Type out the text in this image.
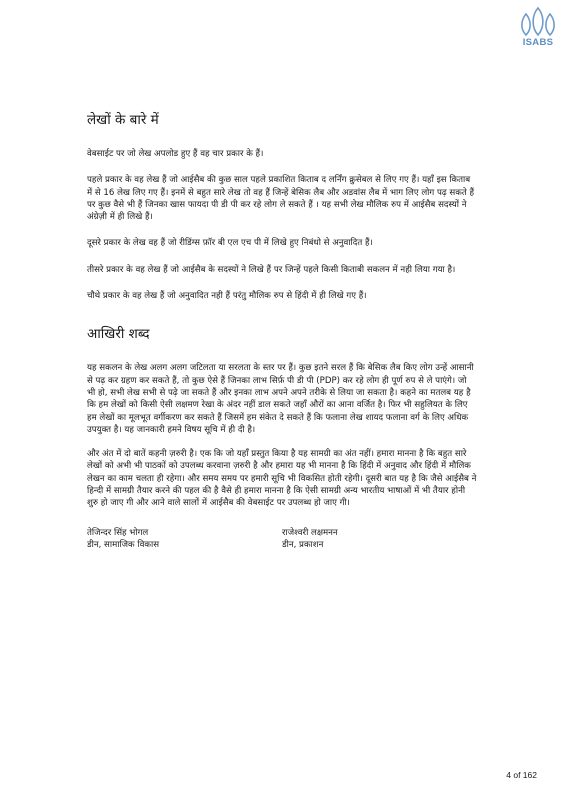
ISABS
लेखों के बारे में

वेबसाईट पर जो लेख अपलोड हुए हैं वह चार प्रकार के हैं।

पहले प्रकार के वह लेख हैं जो आईसैब की कुछ साल पहले प्रकाशित किताब द लर्निंग क्रुसेबल से लिए गए हैं। यहाँ इस किताब में से 16 लेख लिए गए हैं। इनमें से बहुत सारे लेख तो वह हैं जिन्हें बेसिक लैब और अडवांस लैब में भाग लिए लोग पढ़ सकते हैं पर कुछ वैसे भी हैं जिनका खास फायदा पी डी पी कर रहे लोग ले सकते हैं । यह सभी लेख मौलिक रुप में आईसैब सदस्यों ने अंग्रेज़ी में ही लिखे हैं।

दूसरे प्रकार के लेख वह हैं जो रीडिंग्स फ़ॉर बी एल एच पी में लिखे हुए निबंधो से अनुवादित हैं।

तीसरे प्रकार के वह लेख हैं जो आईसैब के सदस्यों ने लिखे हैं पर जिन्हें पहले किसी किताबी सकलन में नही लिया गया है।

चौथे प्रकार के वह लेख हैं जो अनुवादित नही हैं परंतु मौलिक रुप से हिंदी में ही लिखे गए हैं।

आखिरी शब्द

यह सकलन के लेख अलग अलग जटिलता या सरलता के स्तर पर हैं। कुछ इतने सरल हैं कि बेसिक लैब किए लोग उन्हें आसानी से पढ़ कर ग्रहण कर सकते हैं, तो कुछ ऐसे हैं जिनका लाभ सिर्फ़ पी डी पी (PDP) कर रहे लोग ही पूर्ण रुप से ले पाएंगे। जो भी हो, सभी लेख सभी से पढ़े जा सकते हैं और इनका लाभ अपने अपने तरीके से लिया जा सकता है। कहने का मतलब यह है कि हम लेखों को किसी ऐसी लक्षमण रेखा के अंदर नहीं डाल सकते जहाँ औरों का आना वर्जित है। फिर भी सहुलियत के लिए हम लेखों का मूलभूत वर्गीकरण कर सकते हैं जिसमें हम संकेत दे सकते हैं कि फलाना लेख शायद फलाना वर्ग के लिए अधिक उपयुक्त है। यह जानकारी हमने विषय सूचि में ही दी है।

और अंत में दो बातें कहनी ज़रुरी है। एक कि जो यहाँ प्रस्तुत किया है यह सामग्री का अंत नहीं। हमारा मानना है कि बहुत सारे लेखों को अभी भी पाठकों को उपलब्ध करवाना ज़रुरी है और हमारा यह भी मानना है कि हिंदी में अनुवाद और हिंदी में मौलिक लेखन का काम चलता ही रहेगा। और समय समय पर हमारी सूचि भी विकसित होती रहेगी। दूसरी बात यह है कि जैसे आईसैब ने हिन्दी में सामग्री तैयार करने की पहल की है वैसे ही हमारा मानना है कि ऐसी सामग्री अन्य भारतीय भाषाओं में भी तैयार होनी शुरु हो जाए गी और आने वाले सालों में आईसैब की वेबसाईट पर उपलब्ध हो जाए गी।

तेजिन्दर सिंह भोगल
डीन, सामाजिक विकास
राजेश्वरी लक्षमनन
डीन, प्रकाशन
4 of 162
